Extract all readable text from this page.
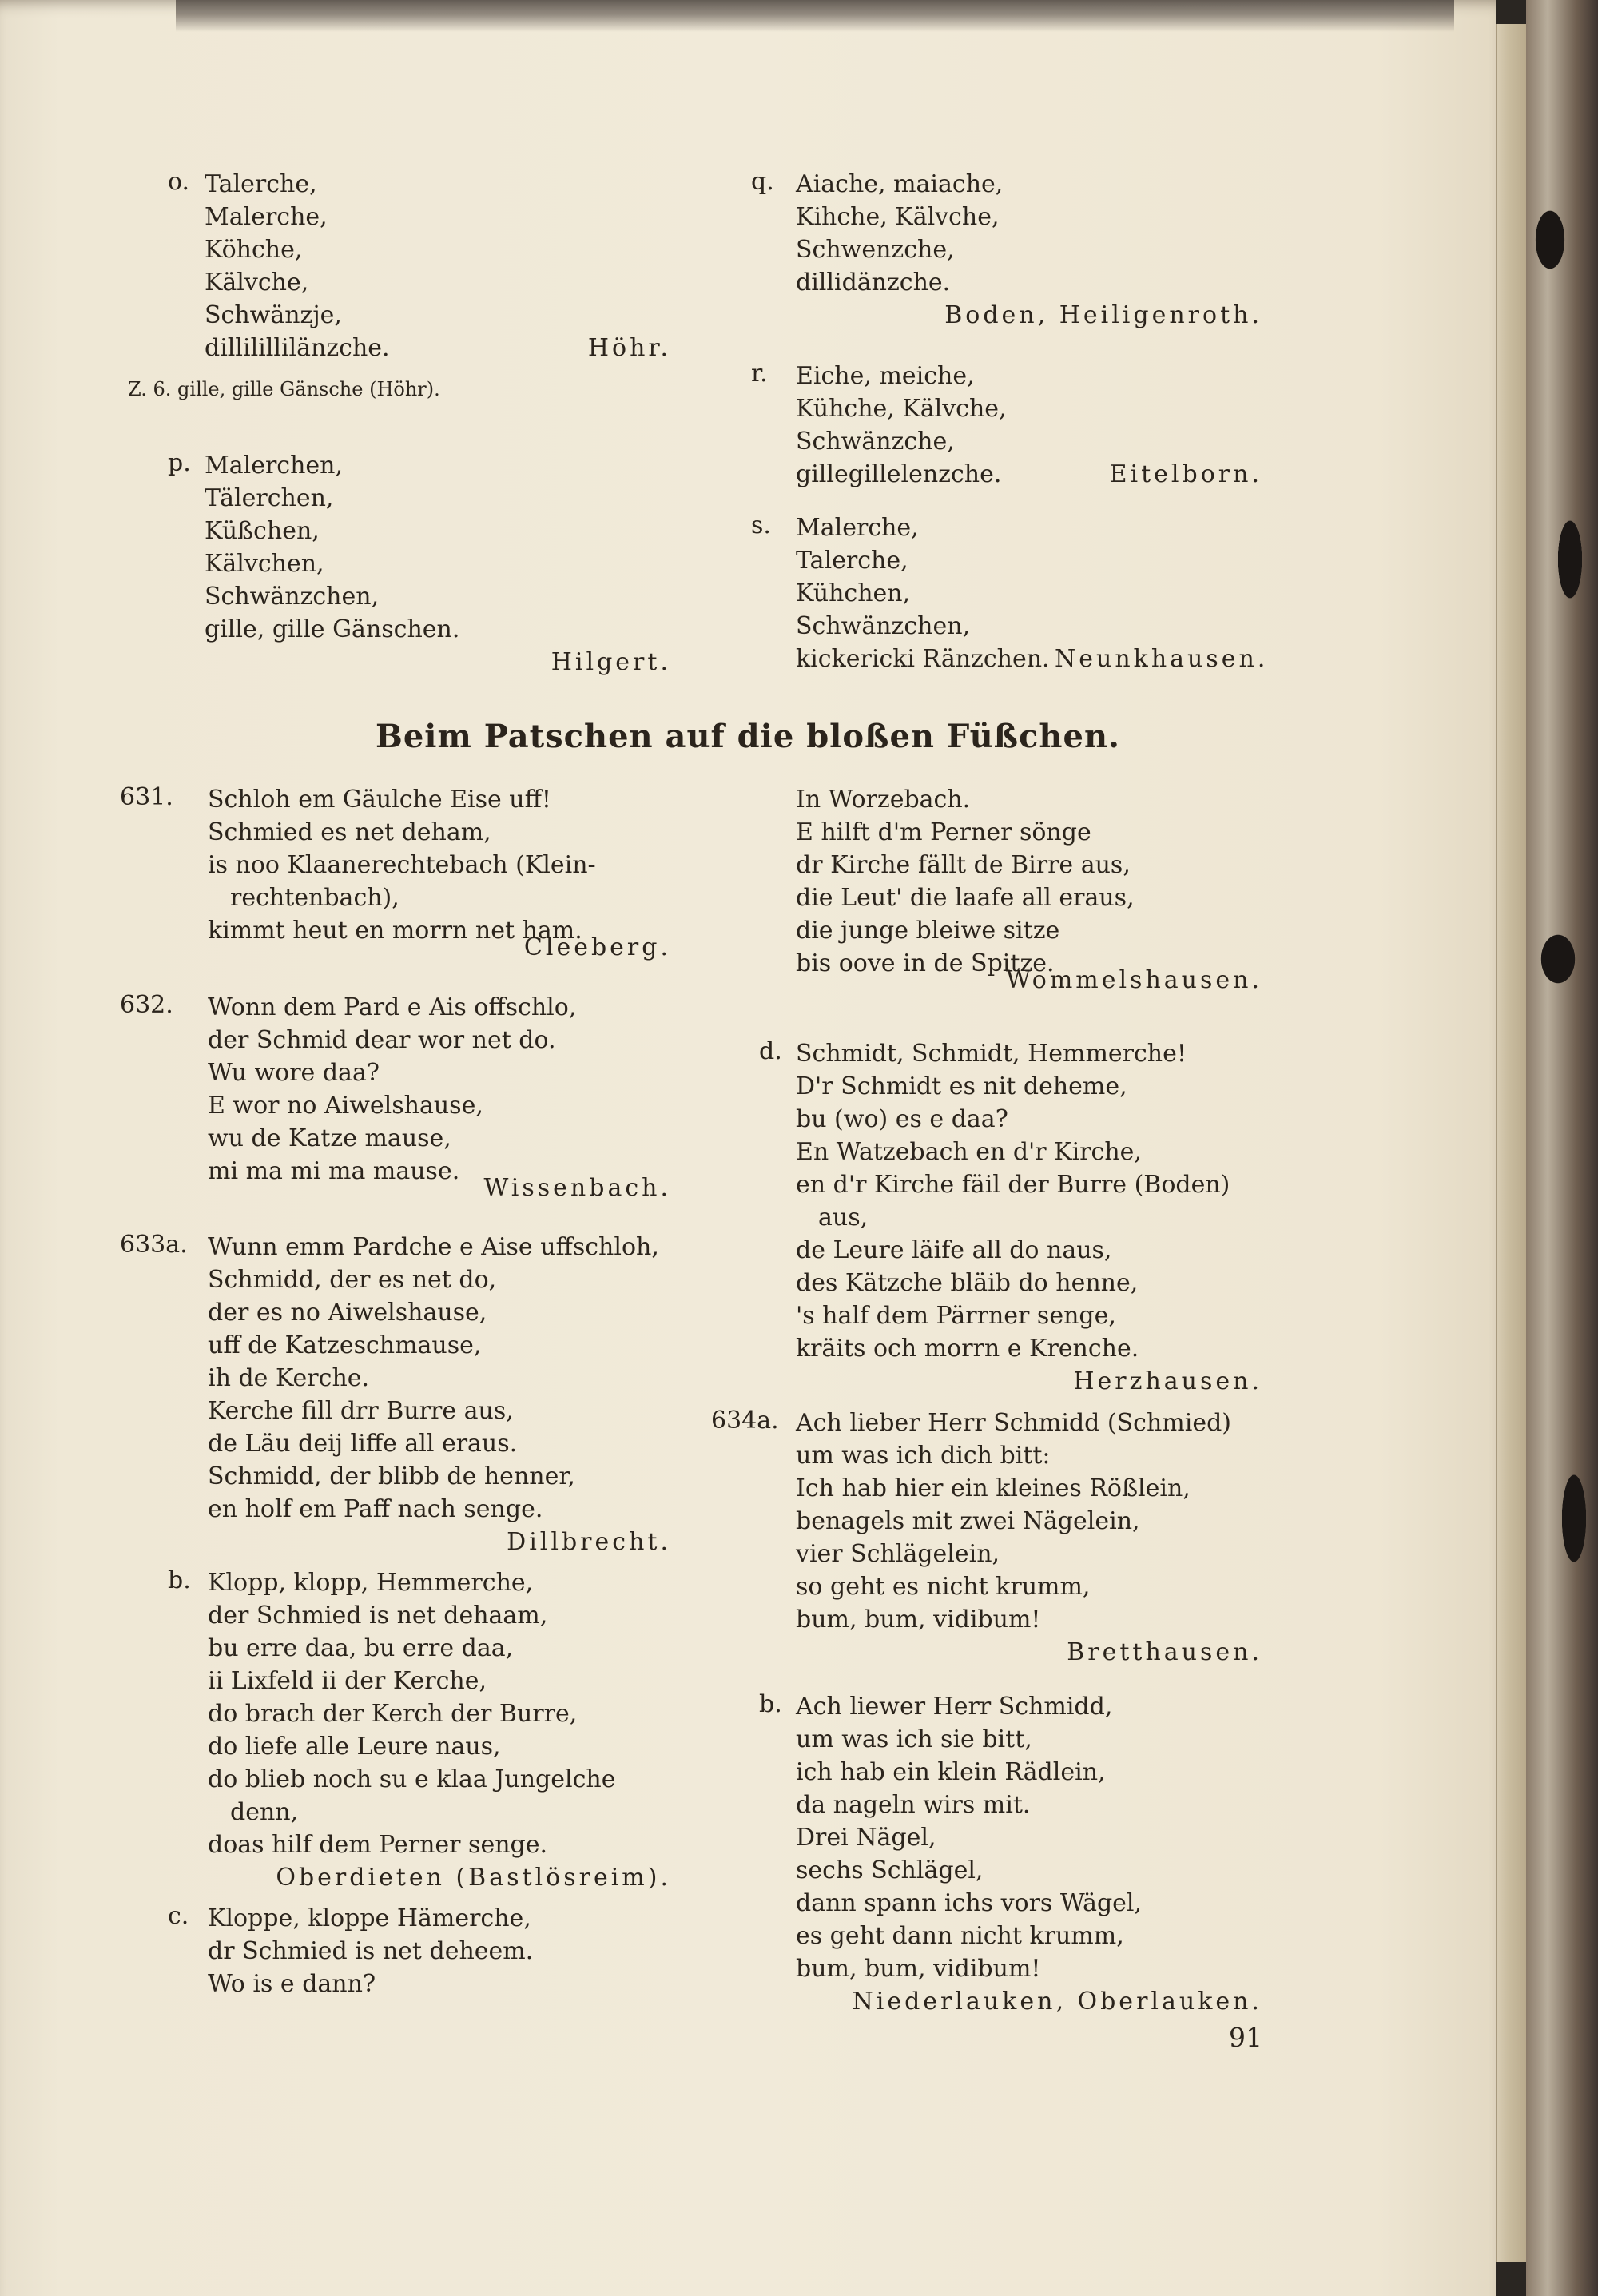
o. Talerche,
Malerche,
Köhche,
Kälvche,
Schwänzje,
dillilillilänzche.	Höhr.
Z. 6. gille, gille Gänsche (Höhr).
p. Malerchen,
Tälerchen,
Küßchen,
Kälvchen,
Schwänzchen,
gille, gille Gänschen.
Hilgert.
q. Aiache, maiache,
Kihche, Kälvche,
Schwenzche,
dillidänzche.
Boden, Heiligenroth.
r. Eiche, meiche,
Kühche, Kälvche,
Schwänzche,
Eitelborn.
gillegillelenzche.
s. Malerche,
Talerche,
Kühchen,
Schwänzchen,
kickericki Ränzchen. Neunkhausen.
Beim Patschen auf die bloßen Füßchen.
631. Schloh em Gäulche Eise uff!
Schmied es net deham,
is noo Klaanerechtebach (Klein-
rechtenbach),
kimmt heut en morrn net ham.
Cleeberg.
632. Wonn dem Pard e Ais offschlo,
der Schmid dear wor net do.
Wu wore daa?
E wor no Aiwelshause,
wu de Katze mause,
mi ma mi ma mause.
Wissenbach.
633a. Wunn emm Pardche e Aise uffschloh,
Schmidd, der es net do,
der es no Aiwelshause,
uff de Katzeschmause,
ih de Kerche.
Kerche fill drr Burre aus,
de Läu deij liffe all eraus.
Schmidd, der blibb de henner,
en holf em Paff nach senge.
Dillbrecht.
b. Klopp, klopp, Hemmerche,
der Schmied is net dehaam,
bu erre daa, bu erre daa,
ii Lixfeld ii der Kerche,
do brach der Kerch der Burre,
do liefe alle Leure naus,
do blieb noch su e klaa Jungelche
denn,
doas hilf dem Perner senge.
Oberdieten (Bastlösreim).
c. Kloppe, kloppe Hämerche,
dr Schmied is net deheem.
Wo is e dann?
In Worzebach.
E hilft d'm Perner sönge
dr Kirche fällt de Birre aus,
die Leut' die laafe all eraus,
die junge bleiwe sitze
bis oove in de Spitze.
Wommelshausen.
d. Schmidt, Schmidt, Hemmerche!
D'r Schmidt es nit deheme,
bu (wo) es e daa?
En Watzebach en d'r Kirche,
en d'r Kirche fäil der Burre (Boden)
aus,
de Leure läife all do naus,
des Kätzche bläib do henne,
's half dem Pärrner senge,
kräits och morrn e Krenche.
Herzhausen.
634a. Ach lieber Herr Schmidd (Schmied)
um was ich dich bitt:
Ich hab hier ein kleines Rößlein,
benagels mit zwei Nägelein,
vier Schlägelein,
so geht es nicht krumm,
bum, bum, vidibum!
Bretthausen.
b. Ach liewer Herr Schmidd,
um was ich sie bitt,
ich hab ein klein Rädlein,
da nageln wirs mit.
Drei Nägel,
sechs Schlägel,
dann spann ichs vors Wägel,
es geht dann nicht krumm,
bum, bum, vidibum!
Niederlauken, Oberlauken.
91
